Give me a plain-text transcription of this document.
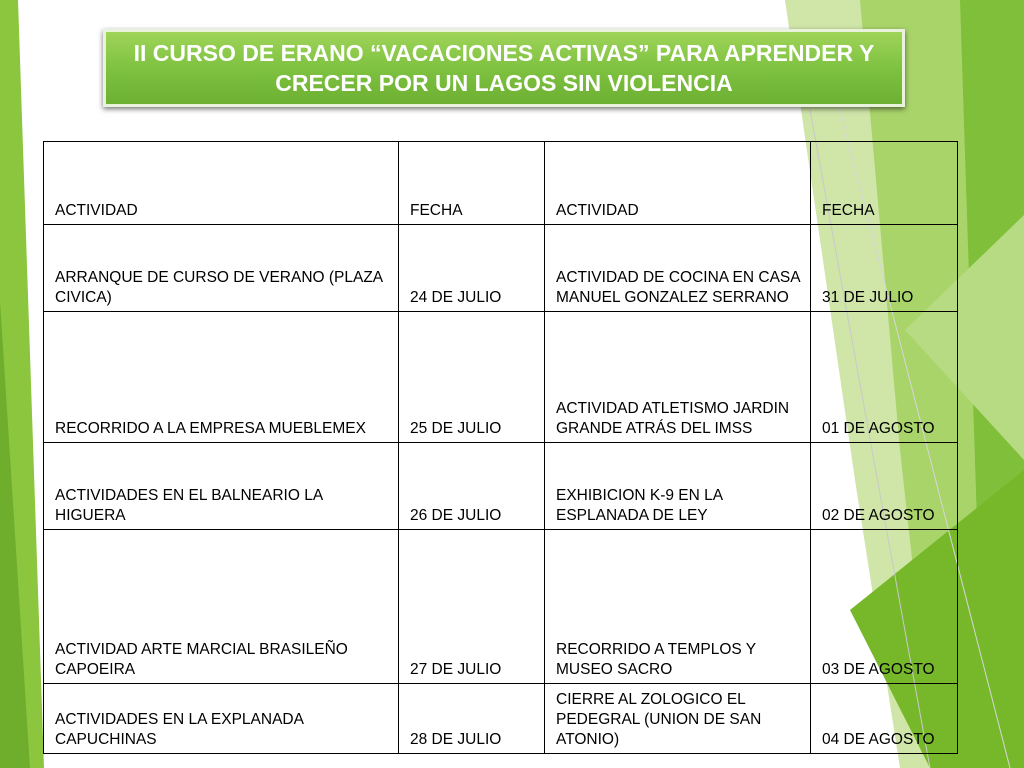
II CURSO DE ERANO “VACACIONES ACTIVAS” PARA APRENDER Y
CRECER POR UN LAGOS SIN VIOLENCIA
ACTIVIDAD	FECHA	ACTIVIDAD	FECHA
ARRANQUE DE CURSO DE VERANO (PLAZA CIVICA)	24 DE JULIO	ACTIVIDAD DE COCINA EN CASA MANUEL GONZALEZ SERRANO	31 DE JULIO
RECORRIDO A LA EMPRESA MUEBLEMEX	25 DE JULIO	ACTIVIDAD ATLETISMO JARDIN GRANDE ATRÁS DEL IMSS	01 DE AGOSTO
ACTIVIDADES EN EL BALNEARIO LA HIGUERA	26 DE JULIO	EXHIBICION K-9 EN LA ESPLANADA DE LEY	02 DE AGOSTO
ACTIVIDAD ARTE MARCIAL BRASILEÑO CAPOEIRA	27 DE JULIO	RECORRIDO A TEMPLOS Y MUSEO SACRO	03 DE AGOSTO
ACTIVIDADES EN LA EXPLANADA CAPUCHINAS	28 DE JULIO	CIERRE AL ZOLOGICO EL PEDEGRAL (UNION DE SAN ATONIO)	04 DE AGOSTO
